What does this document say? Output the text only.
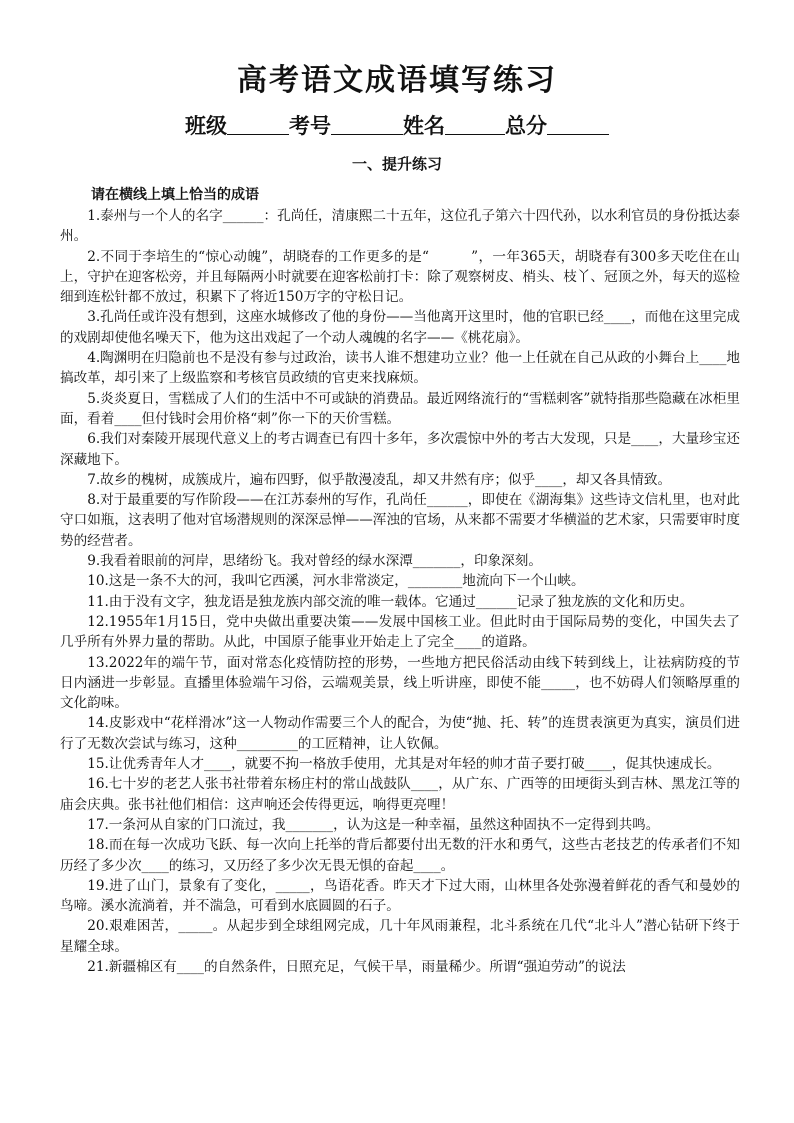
高考语文成语填写练习
班级	考号	姓名	总分
一、提升练习
请在横线上填上恰当的成语

1.泰州与一个人的名字______：孔尚任，清康熙二十五年，这位孔子第六十四代孙，以水利官员的身份抵达泰州。

2.不同于李培生的“惊心动魄”，胡晓春的工作更多的是“　　　”，一年365天，胡晓春有300多天吃住在山上，守护在迎客松旁，并且每隔两小时就要在迎客松前打卡：除了观察树皮、梢头、枝丫、冠顶之外，每天的巡检细到连松针都不放过，积累下了将近150万字的守松日记。

3.孔尚任或许没有想到，这座水城修改了他的身份——当他离开这里时，他的官职已经____，而他在这里完成的戏剧却使他名噪天下，他为这出戏起了一个动人魂魄的名字——《桃花扇》。

4.陶渊明在归隐前也不是没有参与过政治，读书人谁不想建功立业？他一上任就在自己从政的小舞台上____地搞改革，却引来了上级监察和考核官员政绩的官吏来找麻烦。

5.炎炎夏日，雪糕成了人们的生活中不可或缺的消费品。最近网络流行的“雪糕刺客”就特指那些隐藏在冰柜里面，看着____但付钱时会用价格“刺”你一下的天价雪糕。

6.我们对秦陵开展现代意义上的考古调查已有四十多年，多次震惊中外的考古大发现，只是____，大量珍宝还深藏地下。

7.故乡的槐树，成簇成片，遍布四野，似乎散漫凌乱，却又井然有序；似乎____，却又各具情致。

8.对于最重要的写作阶段——在江苏泰州的写作，孔尚任______，即使在《湖海集》这些诗文信札里，也对此守口如瓶，这表明了他对官场潜规则的深深忌惮——浑浊的官场，从来都不需要才华横溢的艺术家，只需要审时度势的经营者。

9.我看着眼前的河岸，思绪纷飞。我对曾经的绿水深潭_______，印象深刻。

10.这是一条不大的河，我叫它西溪，河水非常淡定，________地流向下一个山峡。

11.由于没有文字，独龙语是独龙族内部交流的唯一载体。它通过______记录了独龙族的文化和历史。

12.1955年1月15日，党中央做出重要决策——发展中国核工业。但此时由于国际局势的变化，中国失去了几乎所有外界力量的帮助。从此，中国原子能事业开始走上了完全____的道路。

13.2022年的端午节，面对常态化疫情防控的形势，一些地方把民俗活动由线下转到线上，让祛病防疫的节日内涵进一步彰显。直播里体验端午习俗，云端观美景，线上听讲座，即使不能_____，也不妨碍人们领略厚重的文化韵味。

14.皮影戏中“花样滑冰”这一人物动作需要三个人的配合，为使“抛、托、转”的连贯表演更为真实，演员们进行了无数次尝试与练习，这种_________的工匠精神，让人钦佩。

15.让优秀青年人才____，就要不拘一格放手使用，尤其是对年轻的帅才苗子要打破____，促其快速成长。

16.七十岁的老艺人张书社带着东杨庄村的常山战鼓队____，从广东、广西等的田埂街头到吉林、黑龙江等的庙会庆典。张书社他们相信：这声响还会传得更远，响得更亮哩！

17.一条河从自家的门口流过，我_______，认为这是一种幸福，虽然这种固执不一定得到共鸣。

18.而在每一次成功飞跃、每一次向上托举的背后都要付出无数的汗水和勇气，这些古老技艺的传承者们不知历经了多少次____的练习，又历经了多少次无畏无惧的奋起____。

19.进了山门，景象有了变化，_____，鸟语花香。昨天才下过大雨，山林里各处弥漫着鲜花的香气和曼妙的鸟啼。溪水流淌着，并不湍急，可看到水底圆圆的石子。

20.艰难困苦，_____。从起步到全球组网完成，几十年风雨兼程，北斗系统在几代“北斗人”潜心钻研下终于星耀全球。

21.新疆棉区有____的自然条件，日照充足，气候干旱，雨量稀少。所谓“强迫劳动”的说法
